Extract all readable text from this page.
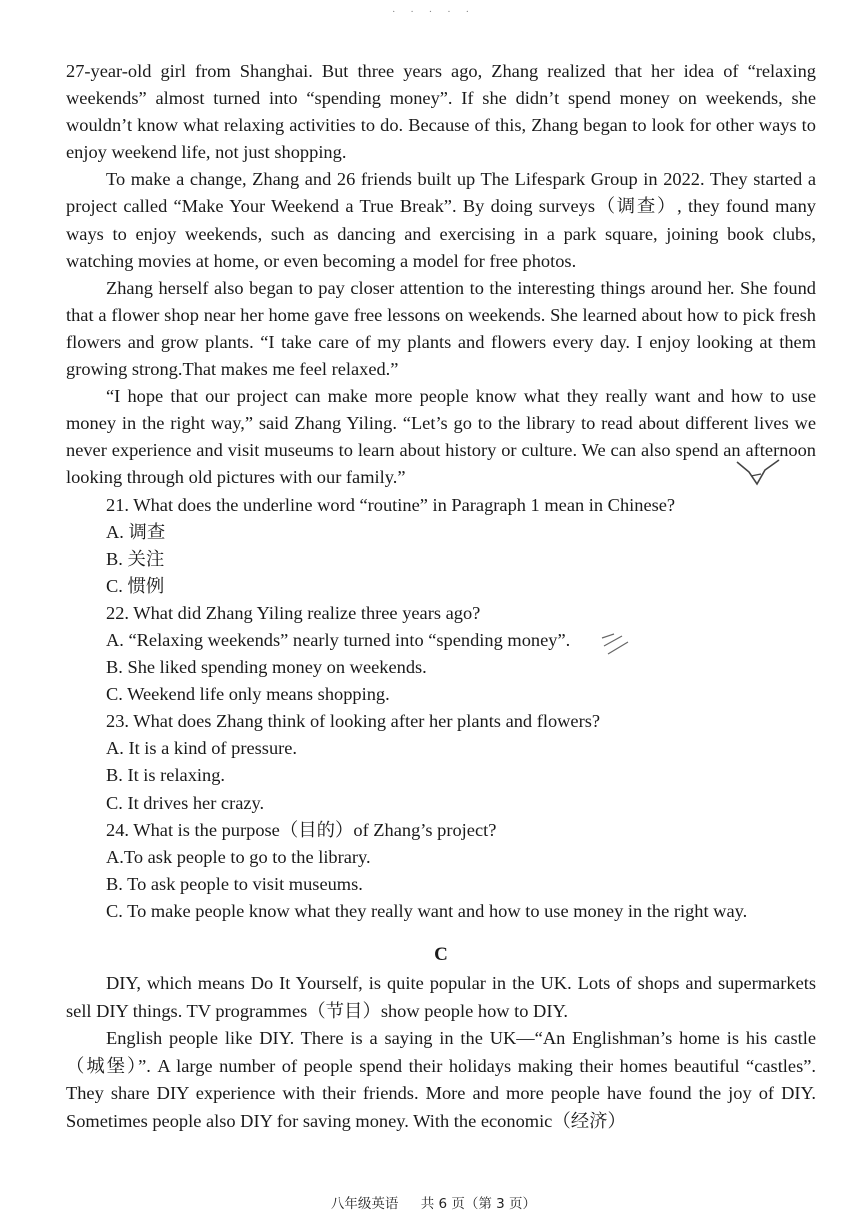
· · · · ·

27-year-old girl from Shanghai. But three years ago, Zhang realized that her idea of “relaxing weekends” almost turned into “spending money”. If she didn’t spend money on weekends, she wouldn’t know what relaxing activities to do. Because of this, Zhang began to look for other ways to enjoy weekend life, not just shopping.

To make a change, Zhang and 26 friends built up The Lifespark Group in 2022. They started a project called “Make Your Weekend a True Break”. By doing surveys（调查）, they found many ways to enjoy weekends, such as dancing and exercising in a park square, joining book clubs, watching movies at home, or even becoming a model for free photos.

Zhang herself also began to pay closer attention to the interesting things around her. She found that a flower shop near her home gave free lessons on weekends. She learned about how to pick fresh flowers and grow plants. “I take care of my plants and flowers every day. I enjoy looking at them growing strong.That makes me feel relaxed.”

“I hope that our project can make more people know what they really want and how to use money in the right way,” said Zhang Yiling. “Let’s go to the library to read about different lives we never experience and visit museums to learn about history or culture. We can also spend an afternoon looking through old pictures with our family.”

21. What does the underline word “routine” in Paragraph 1 mean in Chinese?

A. 调查

B. 关注

C. 惯例

22. What did Zhang Yiling realize three years ago?

A. “Relaxing weekends” nearly turned into “spending money”.

B. She liked spending money on weekends.

C. Weekend life only means shopping.

23. What does Zhang think of looking after her plants and flowers?

A. It is a kind of pressure.

B. It is relaxing.

C. It drives her crazy.

24. What is the purpose（目的）of Zhang’s project?

A.To ask people to go to the library.

B. To ask people to visit museums.

C. To make people know what they really want and how to use money in the right way.

C

DIY, which means Do It Yourself, is quite popular in the UK. Lots of shops and supermarkets sell DIY things. TV programmes（节目）show people how to DIY.

English people like DIY. There is a saying in the UK—“An Englishman’s home is his castle（城堡）”. A large number of people spend their holidays making their homes beautiful “castles”. They share DIY experience with their friends. More and more people have found the joy of DIY. Sometimes people also DIY for saving money. With the economic（经济）

八年级英语 共 6 页（第 3 页）
